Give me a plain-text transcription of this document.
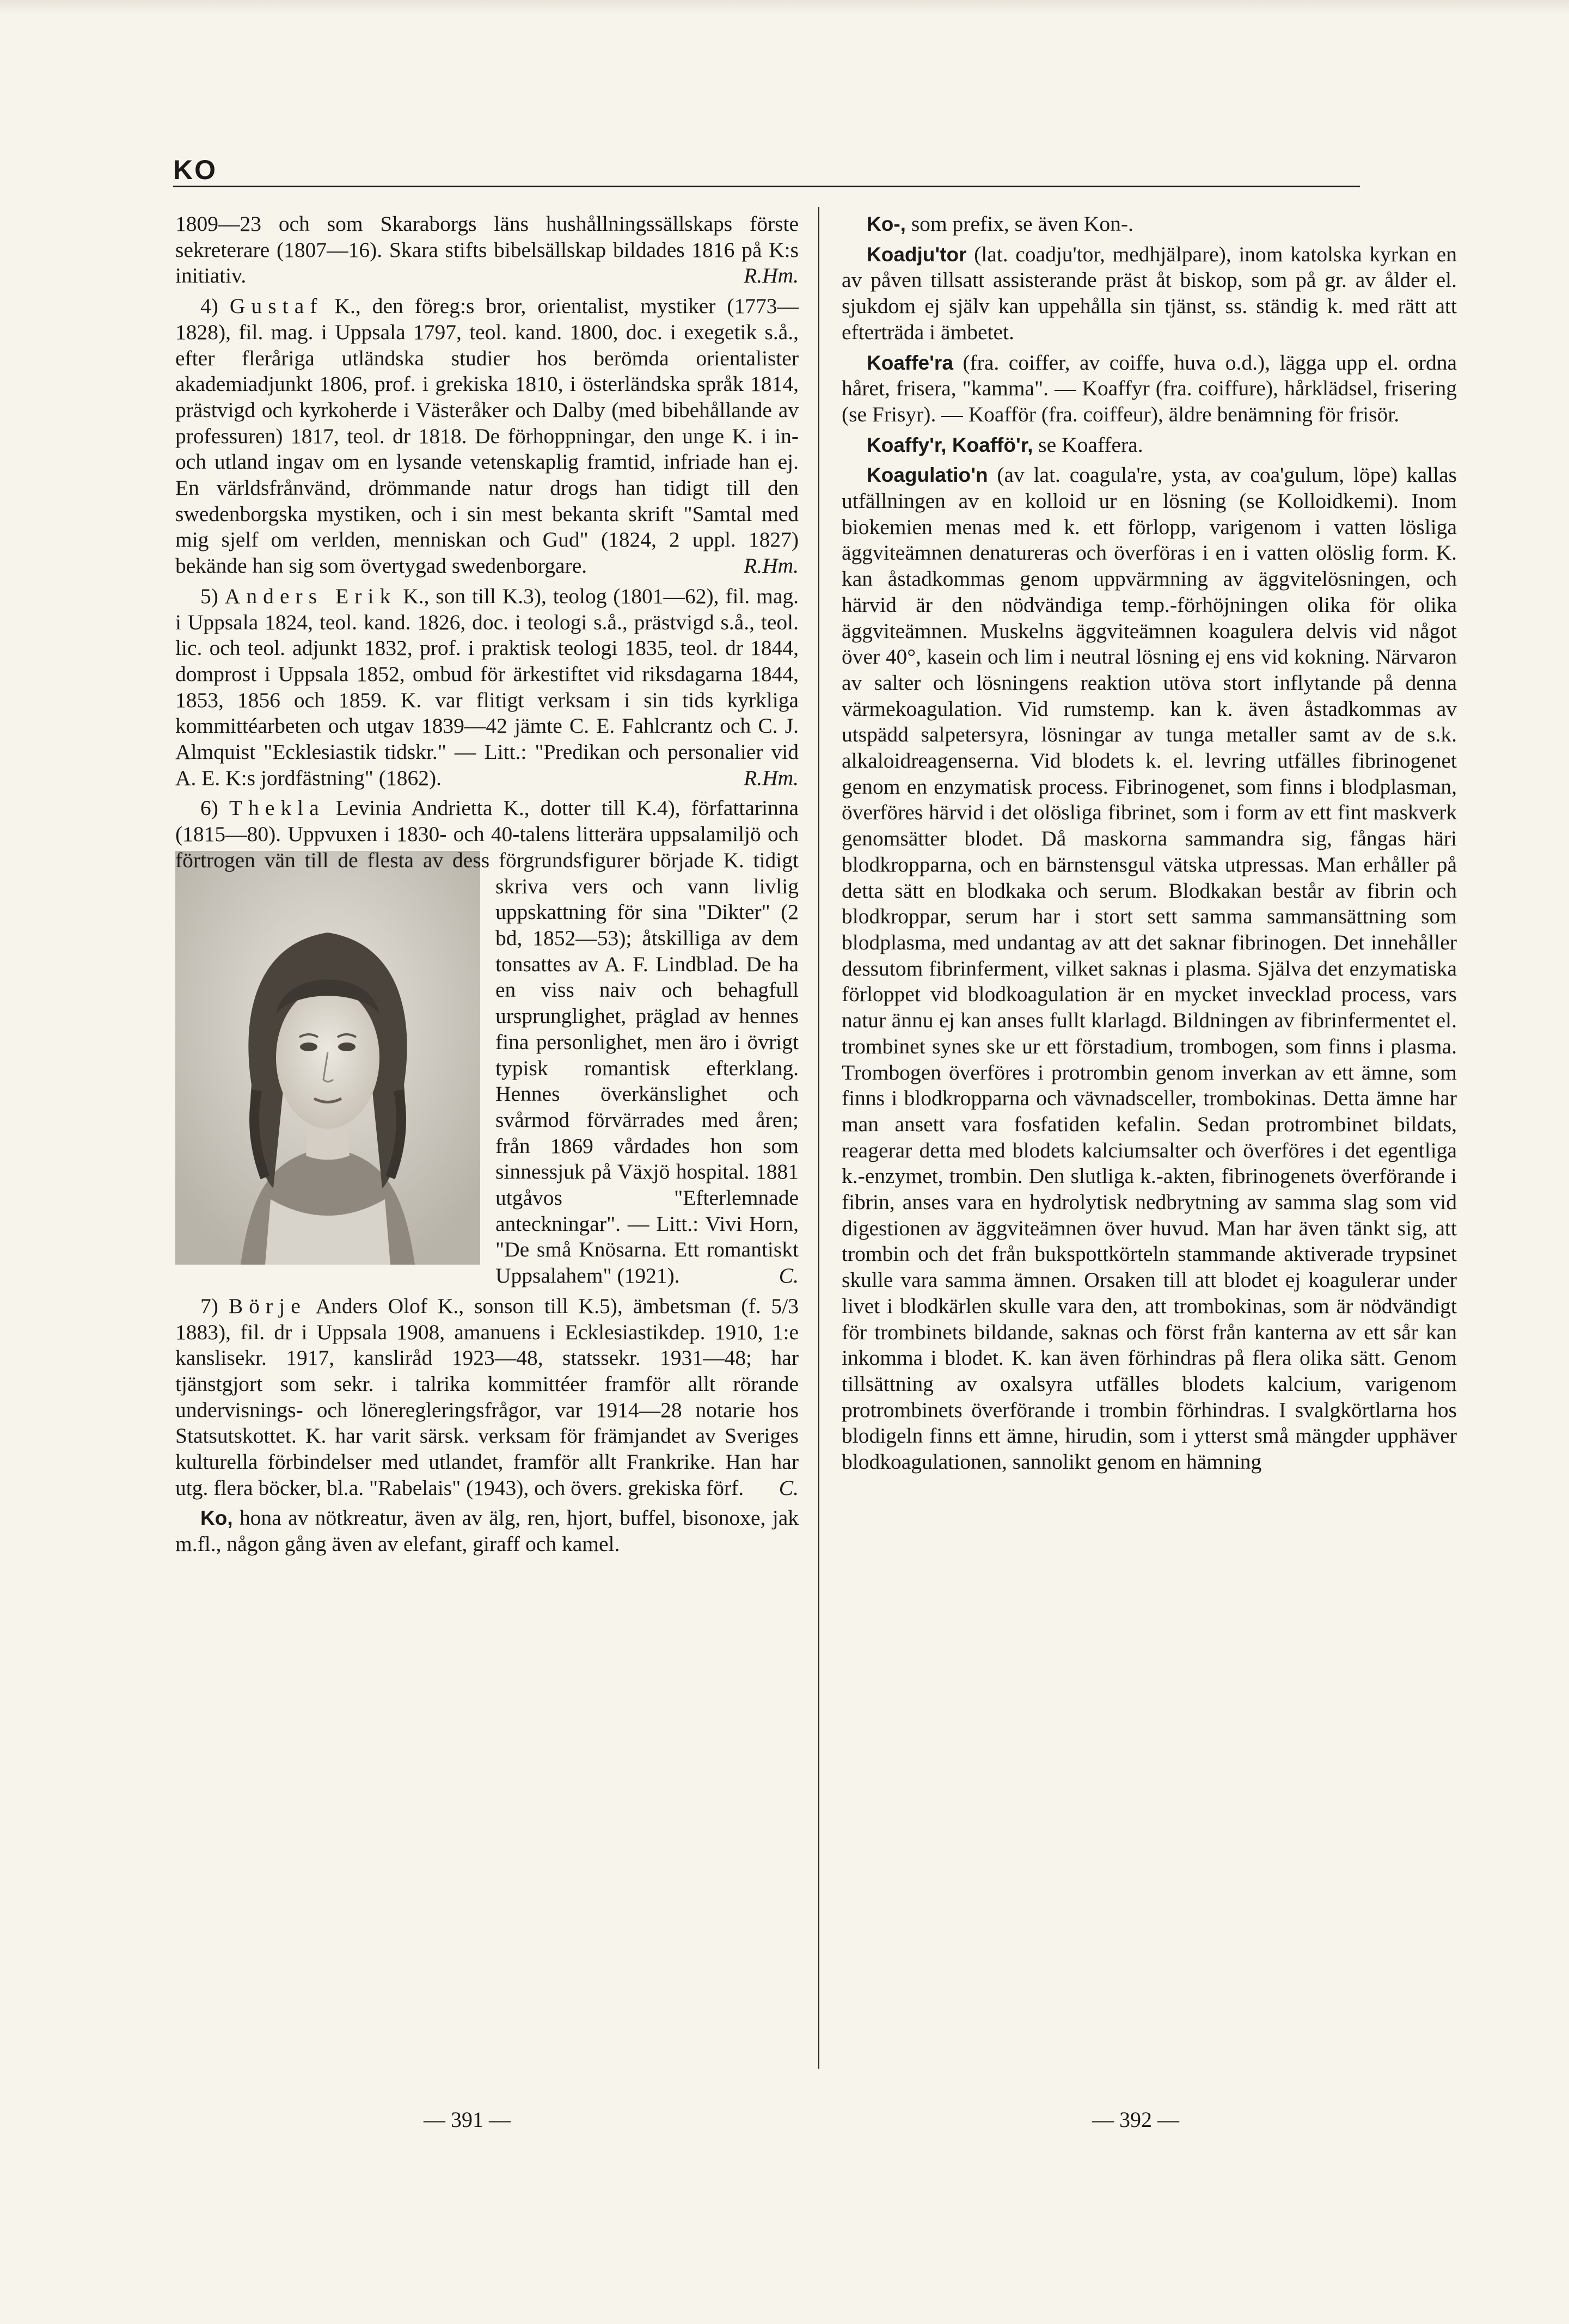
KO

1809—23 och som Skaraborgs läns hushållningssällskaps förste sekreterare (1807—16). Skara stifts bibelsällskap bildades 1816 på K:s initiativ.	R.Hm.

4) Gustaf K., den föreg:s bror, orientalist, mystiker (1773—1828), fil. mag. i Uppsala 1797, teol. kand. 1800, doc. i exegetik s.å., efter fleråriga utländska studier hos berömda orientalister akademiadjunkt 1806, prof. i grekiska 1810, i österländska språk 1814, prästvigd och kyrkoherde i Västeråker och Dalby (med bibehållande av professuren) 1817, teol. dr 1818. De förhoppningar, den unge K. i in- och utland ingav om en lysande vetenskaplig framtid, infriade han ej. En världsfrånvänd, drömmande natur drogs han tidigt till den swedenborgska mystiken, och i sin mest bekanta skrift "Samtal med mig sjelf om verlden, menniskan och Gud" (1824, 2 uppl. 1827) bekände han sig som övertygad swedenborgare.	R.Hm.

5) Anders Erik K., son till K.3), teolog (1801—62), fil. mag. i Uppsala 1824, teol. kand. 1826, doc. i teologi s.å., prästvigd s.å., teol. lic. och teol. adjunkt 1832, prof. i praktisk teologi 1835, teol. dr 1844, domprost i Uppsala 1852, ombud för ärkestiftet vid riksdagarna 1844, 1853, 1856 och 1859. K. var flitigt verksam i sin tids kyrkliga kommittéarbeten och utgav 1839—42 jämte C. E. Fahlcrantz och C. J. Almquist "Ecklesiastik tidskr." — Litt.: "Predikan och personalier vid A. E. K:s jordfästning" (1862).	R.Hm.

6) Thekla Levinia Andrietta K., dotter till K.4), författarinna (1815—80). Uppvuxen i 1830- och 40-talens litterära uppsalamiljö och förtrogen
vän till de flesta av dess förgrundsfigurer började K. tidigt skriva vers och vann livlig uppskattning för sina "Dikter" (2 bd, 1852—53); åtskilliga av dem tonsattes av A. F. Lindblad. De ha en viss naiv och behagfull ursprunglighet, präglad av hennes fina personlighet, men äro i övrigt typisk romantisk efterklang. Hennes överkänslighet och svårmod förvärrades med åren; från 1869 vårdades hon som sinnessjuk på Växjö hospital. 1881 utgåvos "Efterlemnade anteckningar". — Litt.: Vivi Horn, "De små Knösarna. Ett romantiskt Uppsalahem" (1921).	C.

7) Börje Anders Olof K., sonson till K.5), ämbetsman (f. 5/3 1883), fil. dr i Uppsala 1908, amanuens i Ecklesiastikdep. 1910, 1:e kanslisekr. 1917, kanslіråd 1923—48, statssekr. 1931—48; har tjänstgjort som sekr. i talrika kommittéer framför allt rörande undervisnings- och löneregleringsfrågor, var 1914—28 notarie hos Statsutskottet. K. har varit särsk. verksam för främjandet av Sveriges kulturella förbindelser med utlandet, framför allt Frankrike. Han har utg. flera böcker, bl.a. "Rabelais" (1943), och övers. grekiska förf.	C.

Ko, hona av nötkreatur, även av älg, ren, hjort, buffel, bisonoxe, jak m.fl., någon gång även av elefant, giraff och kamel.

Ko-, som prefix, se även Kon-.

Koadju'tor (lat. coadju'tor, medhjälpare), inom katolska kyrkan en av påven tillsatt assisterande präst åt biskop, som på gr. av ålder el. sjukdom ej själv kan uppehålla sin tjänst, ss. ständig k. med rätt att efterträda i ämbetet.

Koaffe'ra (fra. coiffer, av coiffe, huva o.d.), lägga upp el. ordna håret, frisera, "kamma". — Koaffyr (fra. coiffure), hårklädsel, frisering (se Frisyr). — Koafför (fra. coiffeur), äldre benämning för frisör.

Koaffy'r, Koaffö'r, se Koaffera.

Koagulatio'n (av lat. coagula're, ysta, av coa'gulum, löpe) kallas utfällningen av en kolloid ur en lösning (se Kolloidkemi). Inom biokemien menas med k. ett förlopp, varigenom i vatten lösliga äggviteämnen denatureras och överföras i en i vatten olöslig form. K. kan åstadkommas genom uppvärmning av äggvitelösningen, och härvid är den nödvändiga temp.-förhöjningen olika för olika äggviteämnen. Muskelns äggviteämnen koagulera delvis vid något över 40°, kasein och lim i neutral lösning ej ens vid kokning. Närvaron av salter och lösningens reaktion utöva stort inflytande på denna värmekoagulation. Vid rumstemp. kan k. även åstadkommas av utspädd salpetersyra, lösningar av tunga metaller samt av de s.k. alkaloidreagenserna. Vid blodets k. el. levring utfälles fibrinogenet genom en enzymatisk process. Fibrinogenet, som finns i blodplasman, överföres härvid i det olösliga fibrinet, som i form av ett fint maskverk genomsätter blodet. Då maskorna sammandra sig, fångas häri blodkropparna, och en bärnstensgul vätska utpressas. Man erhåller på detta sätt en blodkaka och serum. Blodkakan består av fibrin och blodkroppar, serum har i stort sett samma sammansättning som blodplasma, med undantag av att det saknar fibrinogen. Det innehåller dessutom fibrinferment, vilket saknas i plasma. Själva det enzymatiska förloppet vid blodkoagulation är en mycket invecklad process, vars natur ännu ej kan anses fullt klarlagd. Bildningen av fibrinfermentet el. trombinet synes ske ur ett förstadium, trombogen, som finns i plasma. Trombogen överföres i protrombin genom inverkan av ett ämne, som finns i blodkropparna och vävnadsceller, trombokinas. Detta ämne har man ansett vara fosfatiden kefalin. Sedan protrombinet bildats, reagerar detta med blodets kalciumsalter och överföres i det egentliga k.-enzymet, trombin. Den slutliga k.-akten, fibrinogenets överförande i fibrin, anses vara en hydrolytisk nedbrytning av samma slag som vid digestionen av äggviteämnen över huvud. Man har även tänkt sig, att trombin och det från bukspottkörteln stammande aktiverade trypsinet skulle vara samma ämnen. Orsaken till att blodet ej koagulerar under livet i blodkärlen skulle vara den, att trombokinas, som är nödvändigt för trombinets bildande, saknas och först från kanterna av ett sår kan inkomma i blodet. K. kan även förhindras på flera olika sätt. Genom tillsättning av oxalsyra utfälles blodets kalcium, varigenom protrombinets överförande i trombin förhindras. I svalgkörtlarna hos blodigeln finns ett ämne, hirudin, som i ytterst små mängder upphäver blodkoagulationen, sannolikt genom en hämning

— 391 —	— 392 —
